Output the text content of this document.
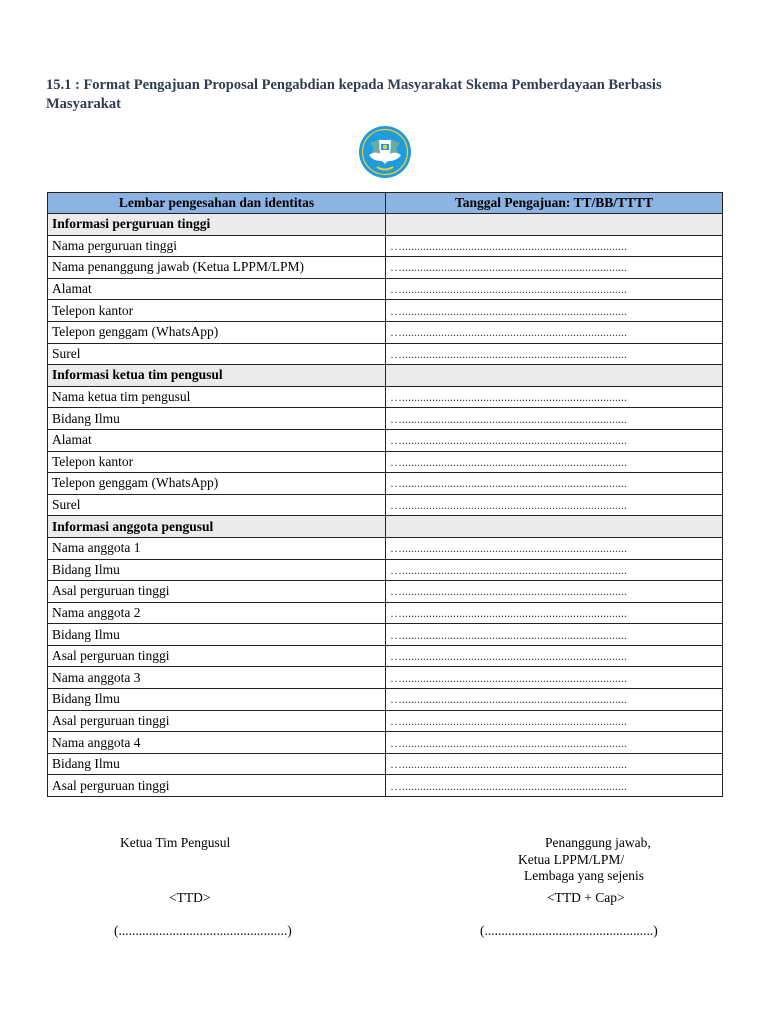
15.1 : Format Pengajuan Proposal Pengabdian kepada Masyarakat Skema Pemberdayaan Berbasis Masyarakat
Lembar pengesahan dan identitas	Tanggal Pengajuan: TT/BB/TTTT
Informasi perguruan tinggi	
Nama perguruan tinggi	…...........................................................................
Nama penanggung jawab (Ketua LPPM/LPM)	…...........................................................................
Alamat	…...........................................................................
Telepon kantor	…...........................................................................
Telepon genggam (WhatsApp)	…...........................................................................
Surel	…...........................................................................
Informasi ketua tim pengusul	
Nama ketua tim pengusul	…...........................................................................
Bidang Ilmu	…...........................................................................
Alamat	…...........................................................................
Telepon kantor	…...........................................................................
Telepon genggam (WhatsApp)	…...........................................................................
Surel	…...........................................................................
Informasi anggota pengusul	
Nama anggota 1	…...........................................................................
Bidang Ilmu	…...........................................................................
Asal perguruan tinggi	…...........................................................................
Nama anggota 2	…...........................................................................
Bidang Ilmu	…...........................................................................
Asal perguruan tinggi	…...........................................................................
Nama anggota 3	…...........................................................................
Bidang Ilmu	…...........................................................................
Asal perguruan tinggi	…...........................................................................
Nama anggota 4	…...........................................................................
Bidang Ilmu	…...........................................................................
Asal perguruan tinggi	…...........................................................................
Ketua Tim Pengusul
<TTD>
(..................................................)
Penanggung jawab,
Ketua LPPM/LPM/
Lembaga yang sejenis
<TTD + Cap>
(..................................................)
